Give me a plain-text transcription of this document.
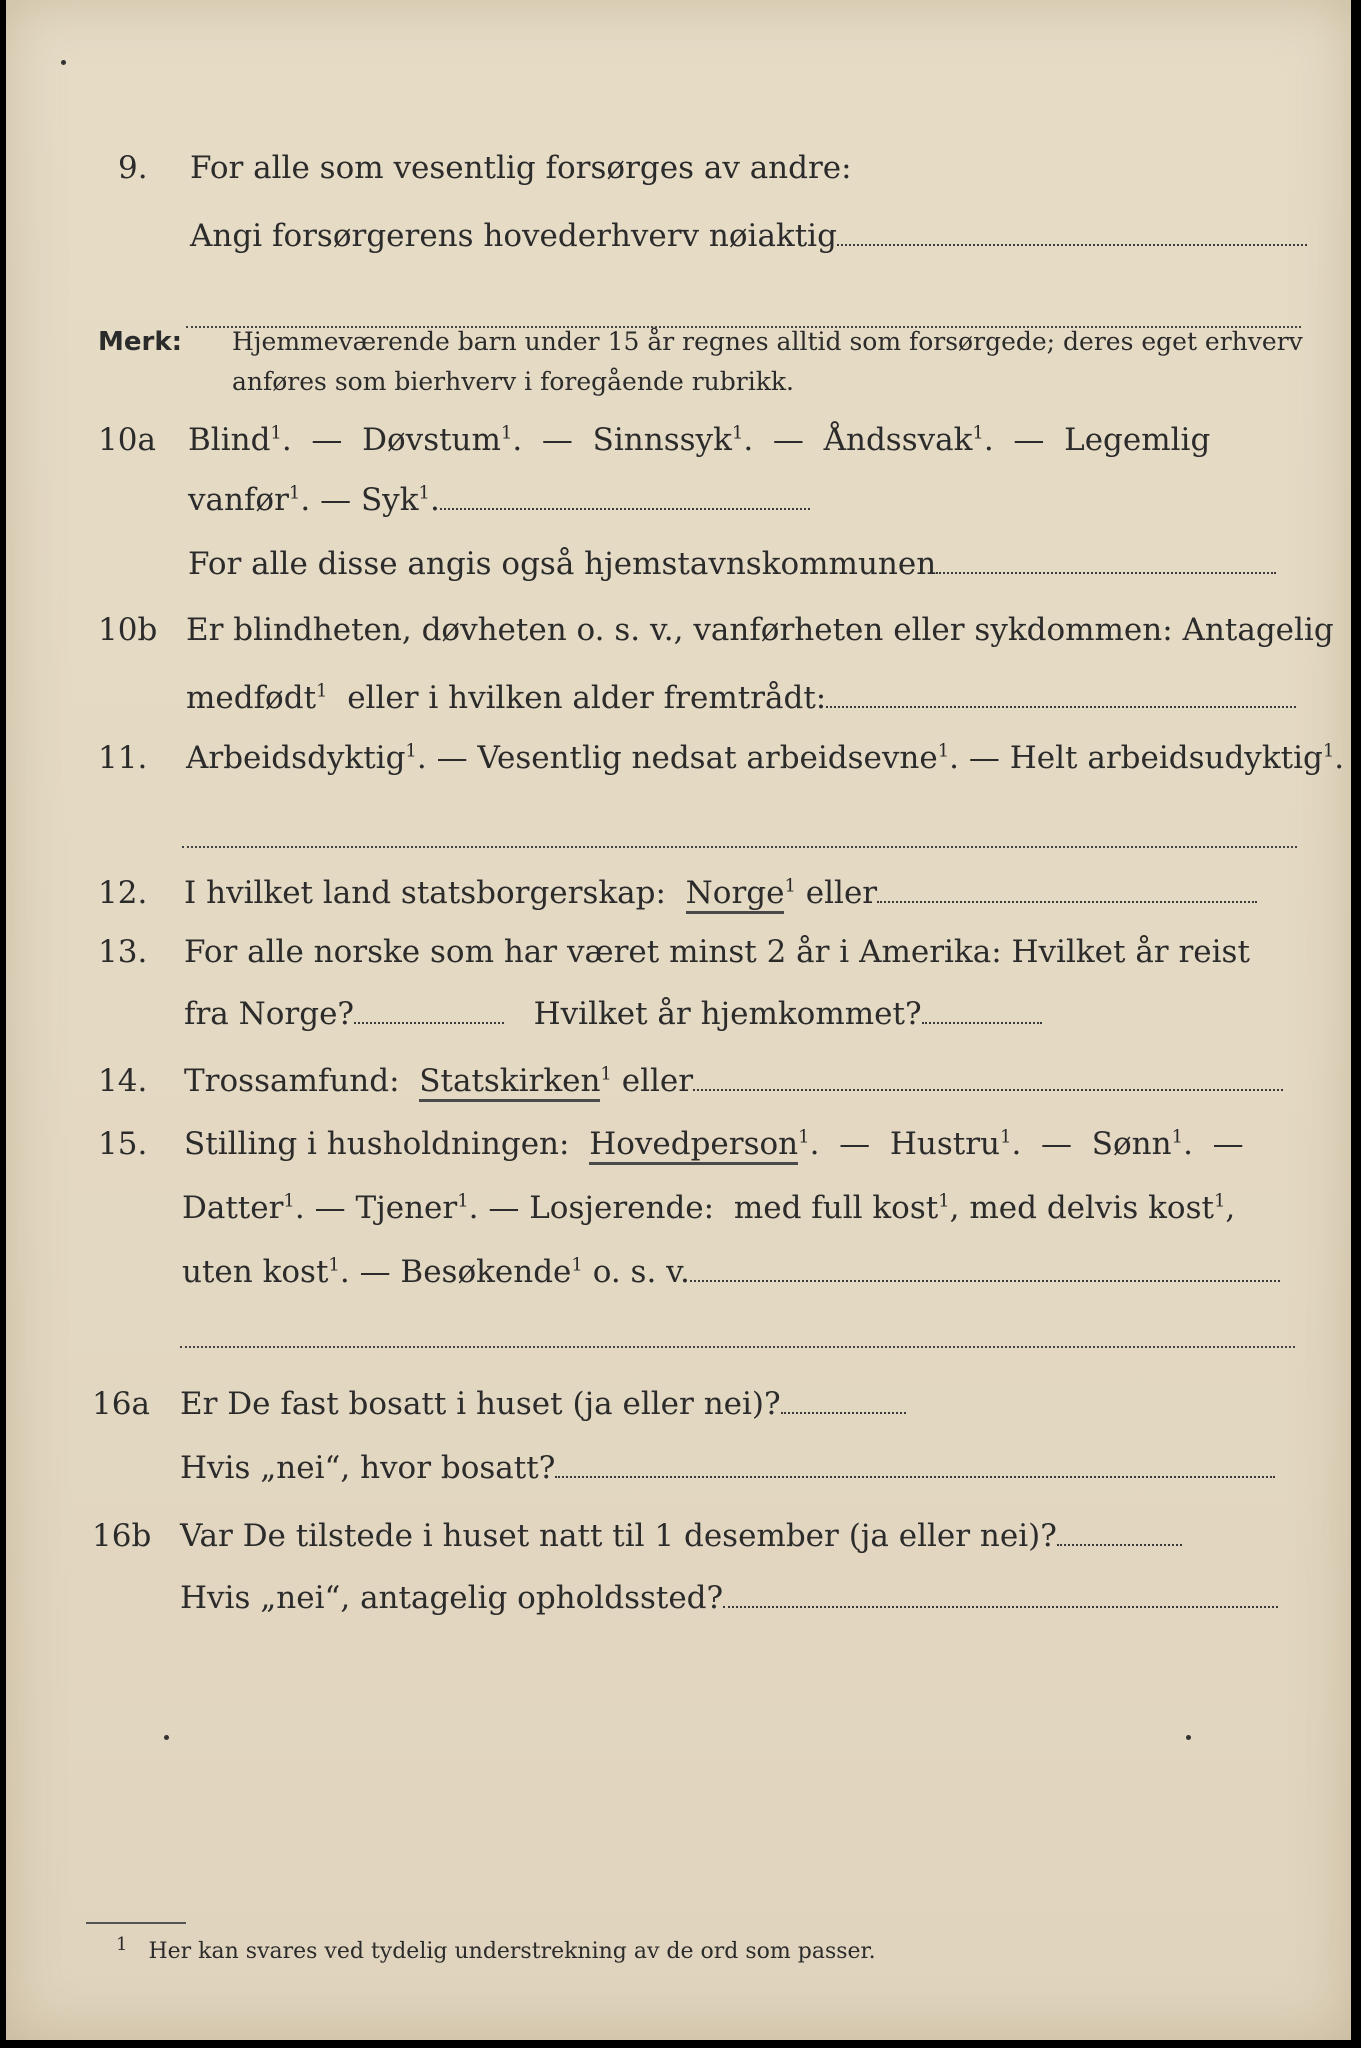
9.	For alle som vesentlig forsørges av andre:
Angi forsørgerens hovederhverv nøiaktig
Merk: Hjemmeværende barn under 15 år regnes alltid som forsørgede; deres eget erhverv
anføres som bierhverv i foregående rubrikk.
10a Blind$^1$.  —  Døvstum$^1$.  —  Sinnssyk$^1$.  —  Åndssvak$^1$.  —  Legemlig
vanfør$^1$. — Syk$^1$.
For alle disse angis også hjemstavnskommunen
10b Er blindheten, døvheten o. s. v., vanførheten eller sykdommen: Antagelig
medfødt$^1$ eller i hvilken alder fremtrådt:
11. Arbeidsdyktig$^1$. — Vesentlig nedsat arbeidsevne$^1$. — Helt arbeidsudyktig$^1$.
12. I hvilket land statsborgerskap: Norge$^1$ eller
13. For alle norske som har været minst 2 år i Amerika: Hvilket år reist
fra Norge?	Hvilket år hjemkommet?
14. Trossamfund: Statskirken$^1$ eller
15. Stilling i husholdningen: Hovedperson$^1$.  —  Hustru$^1$.  —  Sønn$^1$.  —
Datter$^1$. — Tjener$^1$. — Losjerende: med full kost$^1$, med delvis kost$^1$,
uten kost$^1$. — Besøkende$^1$ o. s. v.
16a Er De fast bosatt i huset (ja eller nei)?
Hvis „nei“, hvor bosatt?
16b Var De tilstede i huset natt til 1 desember (ja eller nei)?
Hvis „nei“, antagelig opholdssted?
$^1$ Her kan svares ved tydelig understrekning av de ord som passer.
